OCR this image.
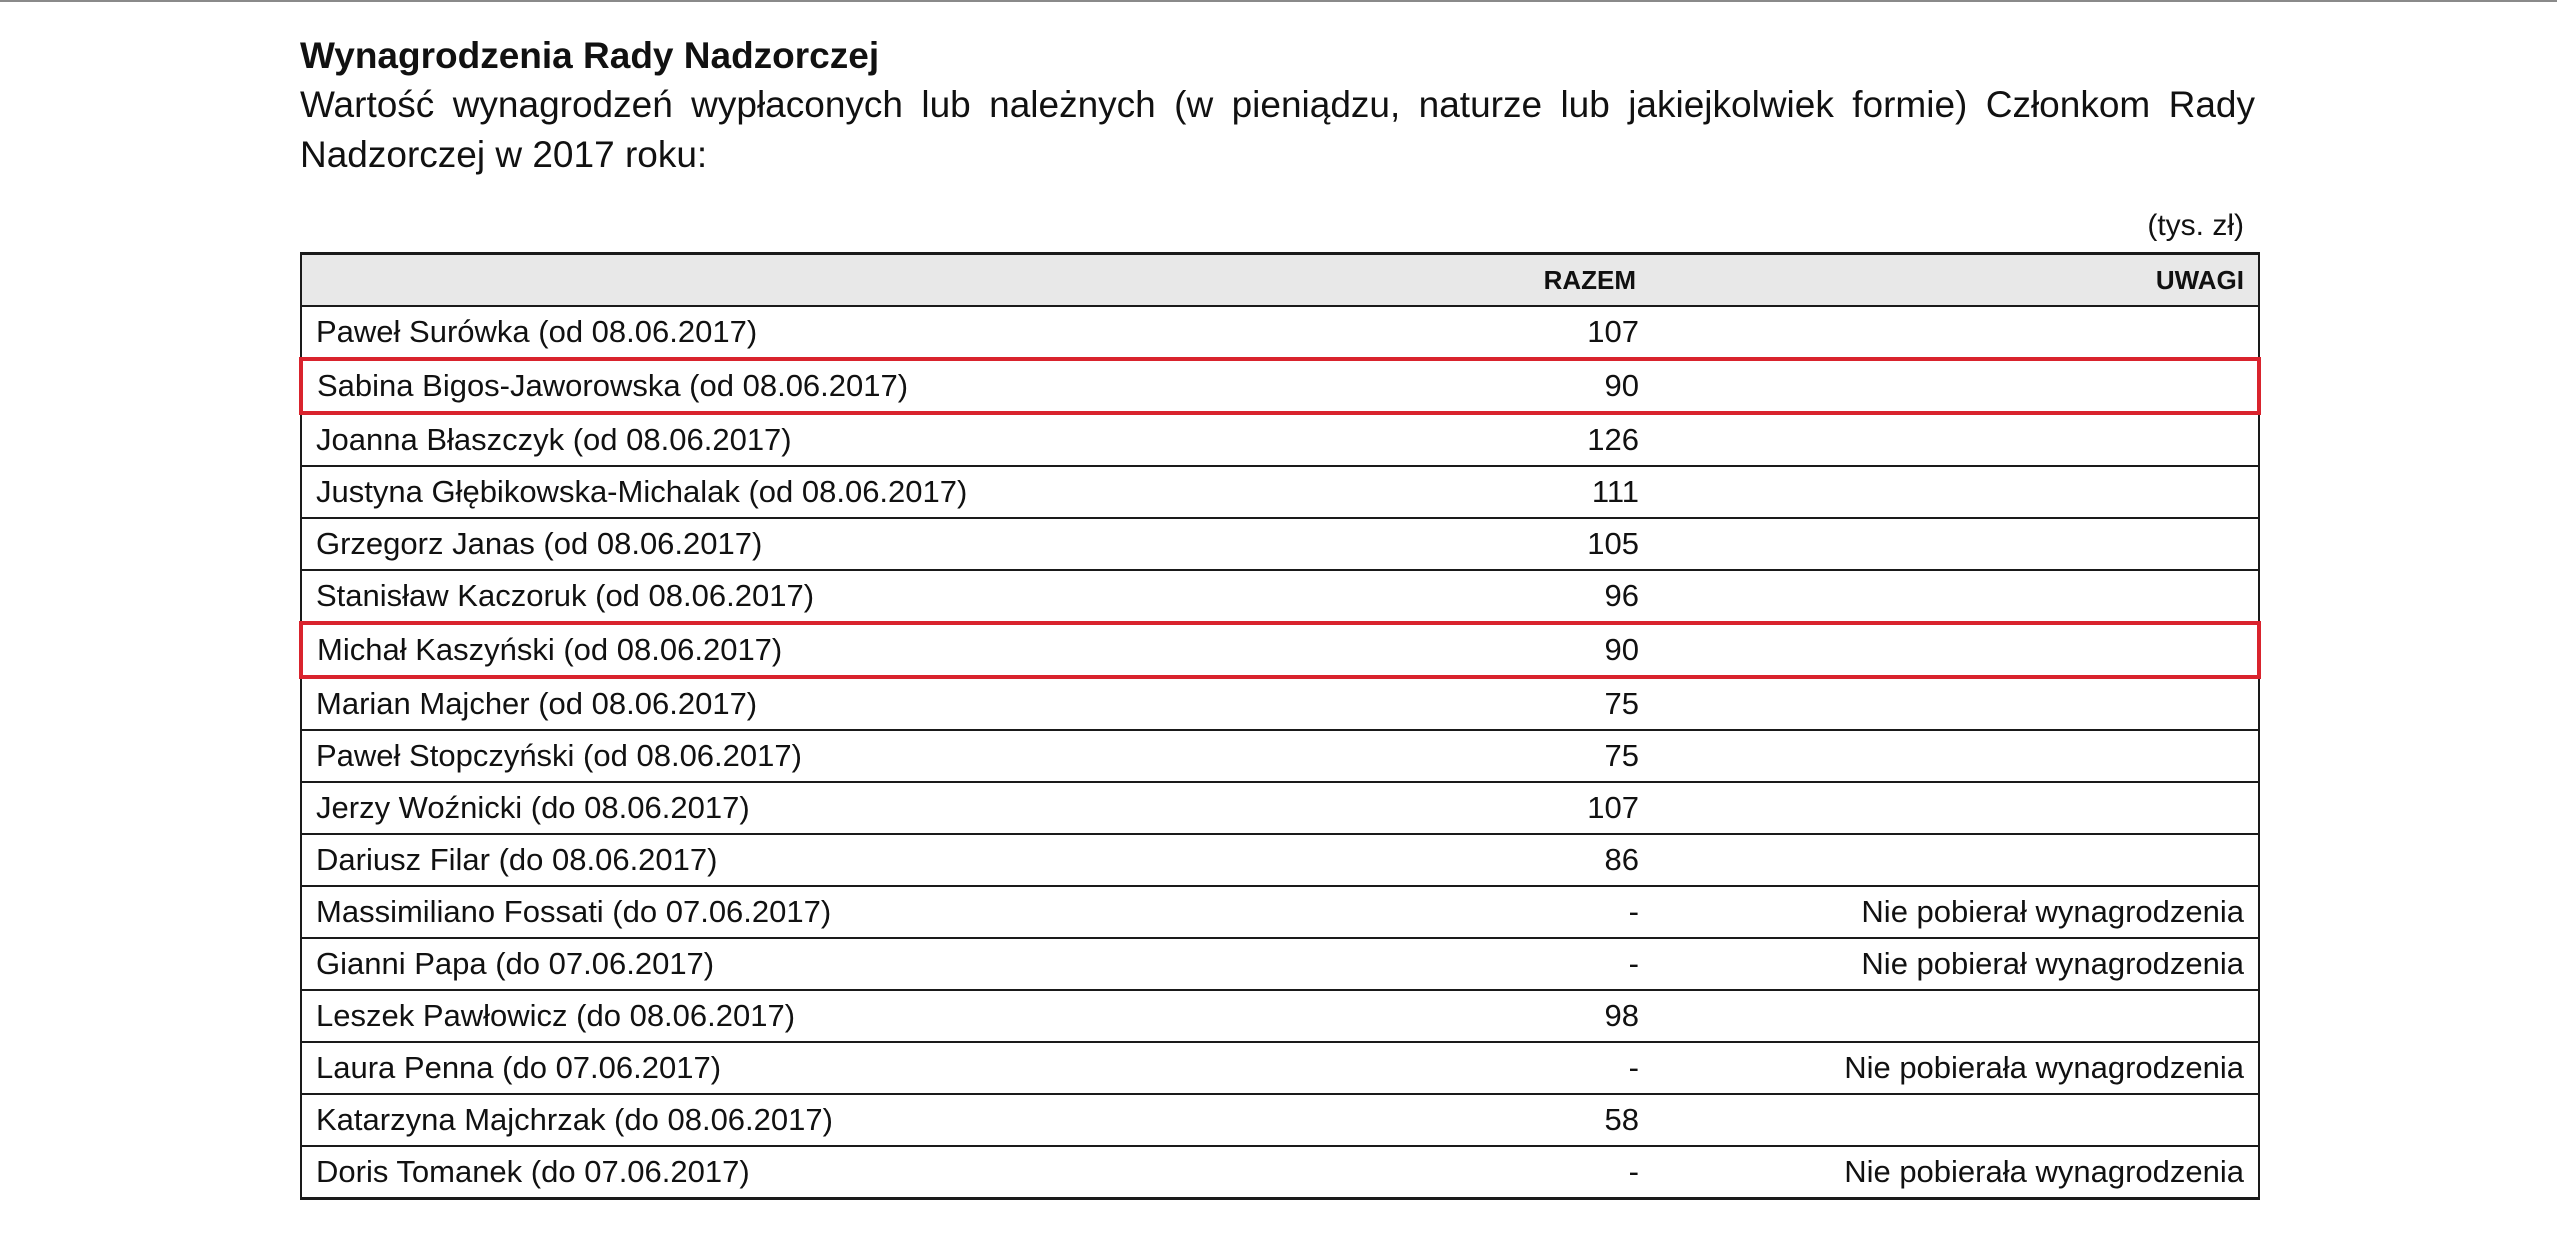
Wynagrodzenia Rady Nadzorczej
Wartość wynagrodzeń wypłaconych lub należnych (w pieniądzu, naturze lub jakiejkolwiek formie) Członkom Rady Nadzorczej w 2017 roku:
(tys. zł)
	RAZEM	UWAGI
Paweł Surówka (od 08.06.2017)	107	
Sabina Bigos-Jaworowska (od 08.06.2017)	90	
Joanna Błaszczyk (od 08.06.2017)	126	
Justyna Głębikowska-Michalak (od 08.06.2017)	111	
Grzegorz Janas (od 08.06.2017)	105	
Stanisław Kaczoruk (od 08.06.2017)	96	
Michał Kaszyński (od 08.06.2017)	90	
Marian Majcher (od 08.06.2017)	75	
Paweł Stopczyński (od 08.06.2017)	75	
Jerzy Woźnicki (do 08.06.2017)	107	
Dariusz Filar (do 08.06.2017)	86	
Massimiliano Fossati (do 07.06.2017)	-	Nie pobierał wynagrodzenia
Gianni Papa (do 07.06.2017)	-	Nie pobierał wynagrodzenia
Leszek Pawłowicz (do 08.06.2017)	98	
Laura Penna (do 07.06.2017)	-	Nie pobierała wynagrodzenia
Katarzyna Majchrzak (do 08.06.2017)	58	
Doris Tomanek (do 07.06.2017)	-	Nie pobierała wynagrodzenia
